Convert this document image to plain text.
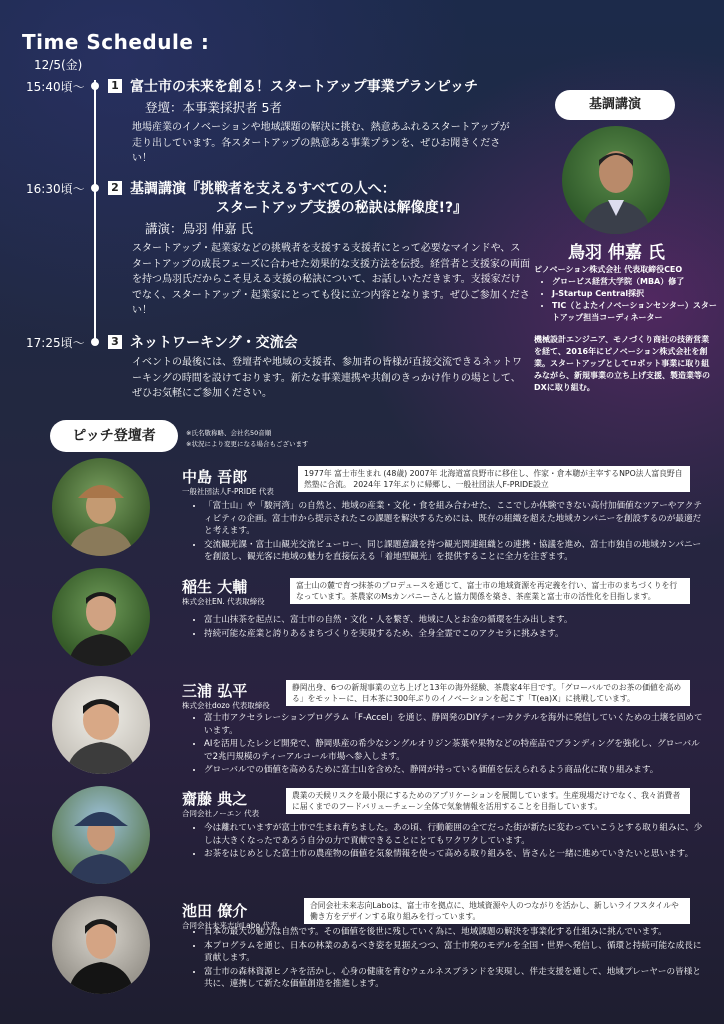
Time Schedule :
12/5(金)
15:40頃〜 1 富士市の未来を創る！スタートアップ事業プランピッチ
登壇：本事業採択者 5者
地場産業のイノベーションや地域課題の解決に挑む、熱意あふれるスタートアップが走り出しています。各スタートアップの熱意ある事業プランを、ぜひお聞きください！
16:30頃〜 2 基調講演 『挑戦者を支えるすべての人へ：
スタートアップ支援の秘訣は解像度!?』
講演：鳥羽 伸嘉 氏
スタートアップ・起業家などの挑戦者を支援する支援者にとって必要なマインドや、スタートアップの成長フェーズに合わせた効果的な支援方法を伝授。経営者と支援家の両面を持つ鳥羽氏だからこそ見える支援の秘訣について、お話しいただきます。支援家だけでなく、スタートアップ・起業家にとっても役に立つ内容となります。ぜひご参加ください！
17:25頃〜 3 ネットワーキング・交流会
イベントの最後には、登壇者や地域の支援者、参加者の皆様が直接交流できるネットワーキングの時間を設けております。新たな事業連携や共創のきっかけ作りの場として、ぜひお気軽にご参加ください。
基調講演
鳥羽 伸嘉 氏
ピノベーション株式会社 代表取締役CEO
• グロービス経営大学院（MBA）修了
• J-Startup Central採択
• TIC（とよたイノベーションセンター）スタートアップ担当コーディネーター
機械設計エンジニア、モノづくり商社の技術営業を経て、2016年にピノベーション株式会社を創業。スタートアップとしてロボット事業に取り組みながら、新規事業の立ち上げ支援、製造業等のDXに取り組む。
ピッチ登壇者	※氏名敬称略、会社名50音順
※状況により変更になる場合もございます
中島 吾郎
一般社団法人F-PRIDE 代表
1977年 富士市生まれ (48歳) 2007年 北海道富良野市に移住し、作家・倉本聰が主宰するNPO法人富良野自然塾に合流。 2024年 17年ぶりに帰郷し、一般社団法人F-PRIDE設立
• 「富士山」や「駿河湾」の自然と、地域の産業・文化・食を組み合わせた、ここでしか体験できない高付加価値なツアーやアクティビティの企画。富士市から提示されたこの課題を解決するためには、既存の組織を超えた地域カンパニーを創設するのが最適だと考えます。
• 交流観光課・富士山観光交流ビューロー、同じ課題意識を持つ観光関連組織との連携・協議を進め、富士市独自の地域カンパニーを創設し、観光客に地域の魅力を直接伝える「着地型観光」を提供することに全力を注ぎます。
稲生 大輔
株式会社EN. 代表取締役
富士山の麓で育つ抹茶のプロデュースを通じて、富士市の地域資源を再定義を行い、富士市のまちづくりを行なっています。茶農家のMsカンパニーさんと協力関係を築き、茶産業と富士市の活性化を目指します。
• 富士山抹茶を起点に、富士市の自然・文化・人を繋ぎ、地域に人とお金の循環を生み出します。
• 持続可能な産業と誇りあるまちづくりを実現するため、全身全霊でこのアクセラに挑みます。
三浦 弘平
株式会社dozo 代表取締役
静岡出身、6つの新規事業の立ち上げと13年の海外経験、茶農家4年目です。「グローバルでのお茶の価値を高める」をモットーに、日本茶に300年ぶりのイノベーションを起こす「T(ea)X」に挑戦しています。
• 富士市アクセラレーションプログラム「F-Accel」を通じ、静岡発のDIYティーカクテルを海外に発信していくための土壌を固めています。
• AIを活用したレシピ開発で、静岡県産の希少なシングルオリジン茶葉や果物などの特産品でブランディングを強化し、グローバルで2兆円規模のティーアルコール市場へ参入します。
• グローバルでの価値を高めるために富士山を含めた、静岡が持っている価値を伝えられるよう商品化に取り組みます。
齋藤 典之
合同会社ノーエン 代表
農業の天候リスクを最小限にするためのアプリケーションを展開しています。生産現場だけでなく、我々消費者に届くまでのフードバリューチェーン全体で気象情報を活用することを目指しています。
• 今は離れていますが富士市で生まれ育ちました。あの頃、行動範囲の全てだった街が新たに変わっていこうとする取り組みに、少しは大きくなったであろう自分の力で貢献できることにとてもワクワクしています。
• お茶をはじめとした富士市の農産物の価値を気象情報を使って高める取り組みを、皆さんと一緒に進めていきたいと思います。
池田 僚介
合同会社未来志向Labo 代表
合同会社未来志向Laboは、富士市を拠点に、地域資源や人のつながりを活かし、新しいライフスタイルや働き方をデザインする取り組みを行っています。
• 日本の最大の魅力は自然です。その価値を後世に残していく為に、地域課題の解決を事業化する仕組みに挑んでいます。
• 本プログラムを通じ、日本の林業のあるべき姿を見据えつつ、富士市発のモデルを全国・世界へ発信し、循環と持続可能な成長に貢献します。
• 富士市の森林資源ヒノキを活かし、心身の健康を育むウェルネスブランドを実現し、伴走支援を通して、地域プレーヤーの皆様と共に、連携して新たな価値創造を推進します。
